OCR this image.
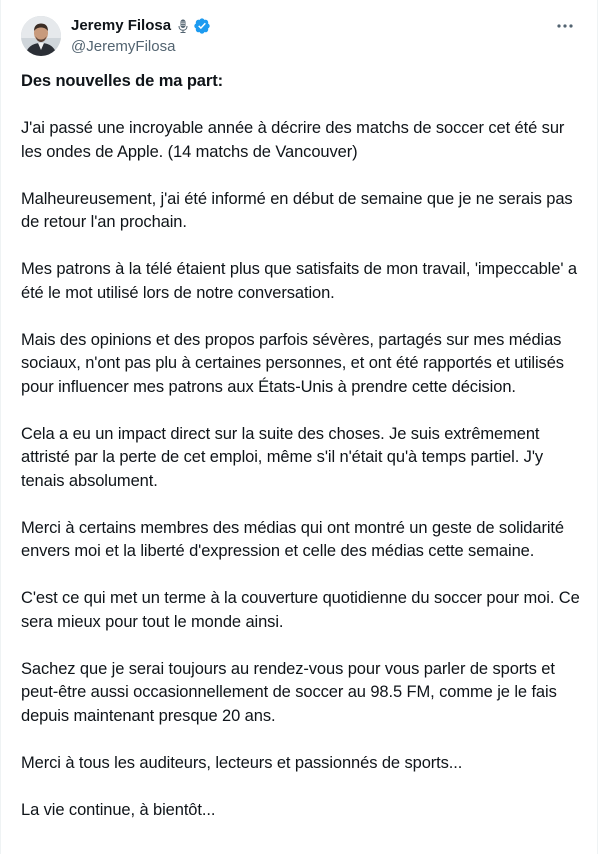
Jeremy Filosa
@JeremyFilosa

Des nouvelles de ma part:

J'ai passé une incroyable année à décrire des matchs de soccer cet été sur les ondes de Apple. (14 matchs de Vancouver)

Malheureusement, j'ai été informé en début de semaine que je ne serais pas de retour l'an prochain.

Mes patrons à la télé étaient plus que satisfaits de mon travail, 'impeccable' a été le mot utilisé lors de notre conversation.

Mais des opinions et des propos parfois sévères, partagés sur mes médias sociaux, n'ont pas plu à certaines personnes, et ont été rapportés et utilisés pour influencer mes patrons aux États-Unis à prendre cette décision.

Cela a eu un impact direct sur la suite des choses. Je suis extrêmement attristé par la perte de cet emploi, même s'il n'était qu'à temps partiel. J'y tenais absolument.

Merci à certains membres des médias qui ont montré un geste de solidarité envers moi et la liberté d'expression et celle des médias cette semaine.

C'est ce qui met un terme à la couverture quotidienne du soccer pour moi. Ce sera mieux pour tout le monde ainsi.

Sachez que je serai toujours au rendez-vous pour vous parler de sports et peut-être aussi occasionnellement de soccer au 98.5 FM, comme je le fais depuis maintenant presque 20 ans.

Merci à tous les auditeurs, lecteurs et passionnés de sports...

La vie continue, à bientôt...
